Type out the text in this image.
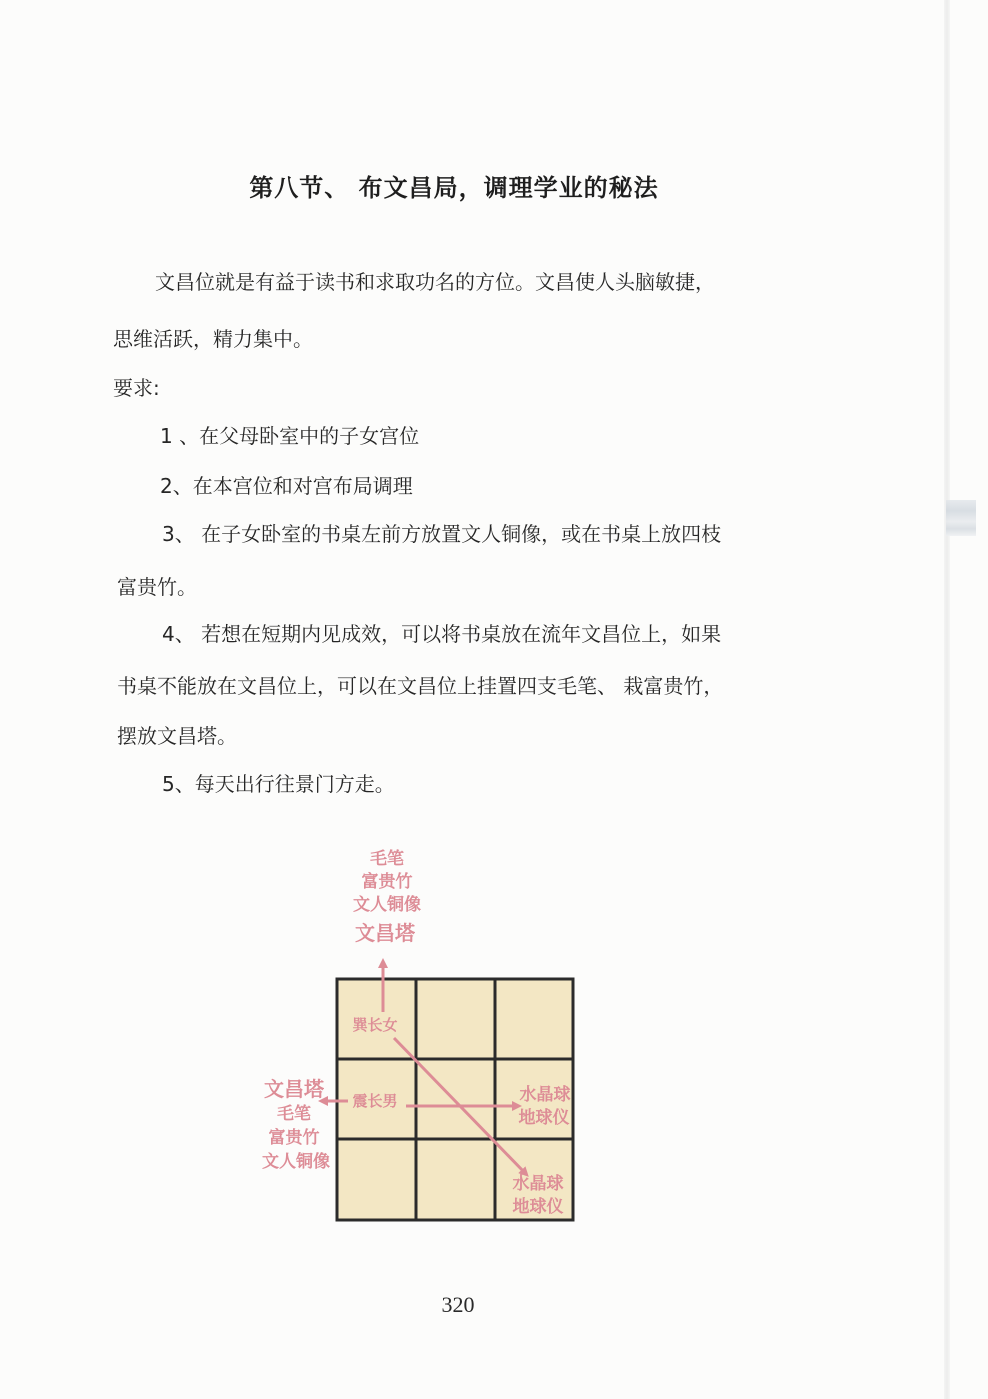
第八节、 布文昌局，调理学业的秘法
文昌位就是有益于读书和求取功名的方位。文昌使人头脑敏捷，
思维活跃，精力集中。
要求:
1 、在父母卧室中的子女宫位
2、在本宫位和对宫布局调理
3、 在子女卧室的书桌左前方放置文人铜像，或在书桌上放四枝
富贵竹。
4、 若想在短期内见成效，可以将书桌放在流年文昌位上，如果
书桌不能放在文昌位上，可以在文昌位上挂置四支毛笔、 栽富贵竹，
摆放文昌塔。
5、每天出行往景门方走。
毛笔
富贵竹
文人铜像
文昌塔
巽长女
震长男
文昌塔
毛笔
富贵竹
文人铜像
水晶球
地球仪
水晶球
地球仪
320
